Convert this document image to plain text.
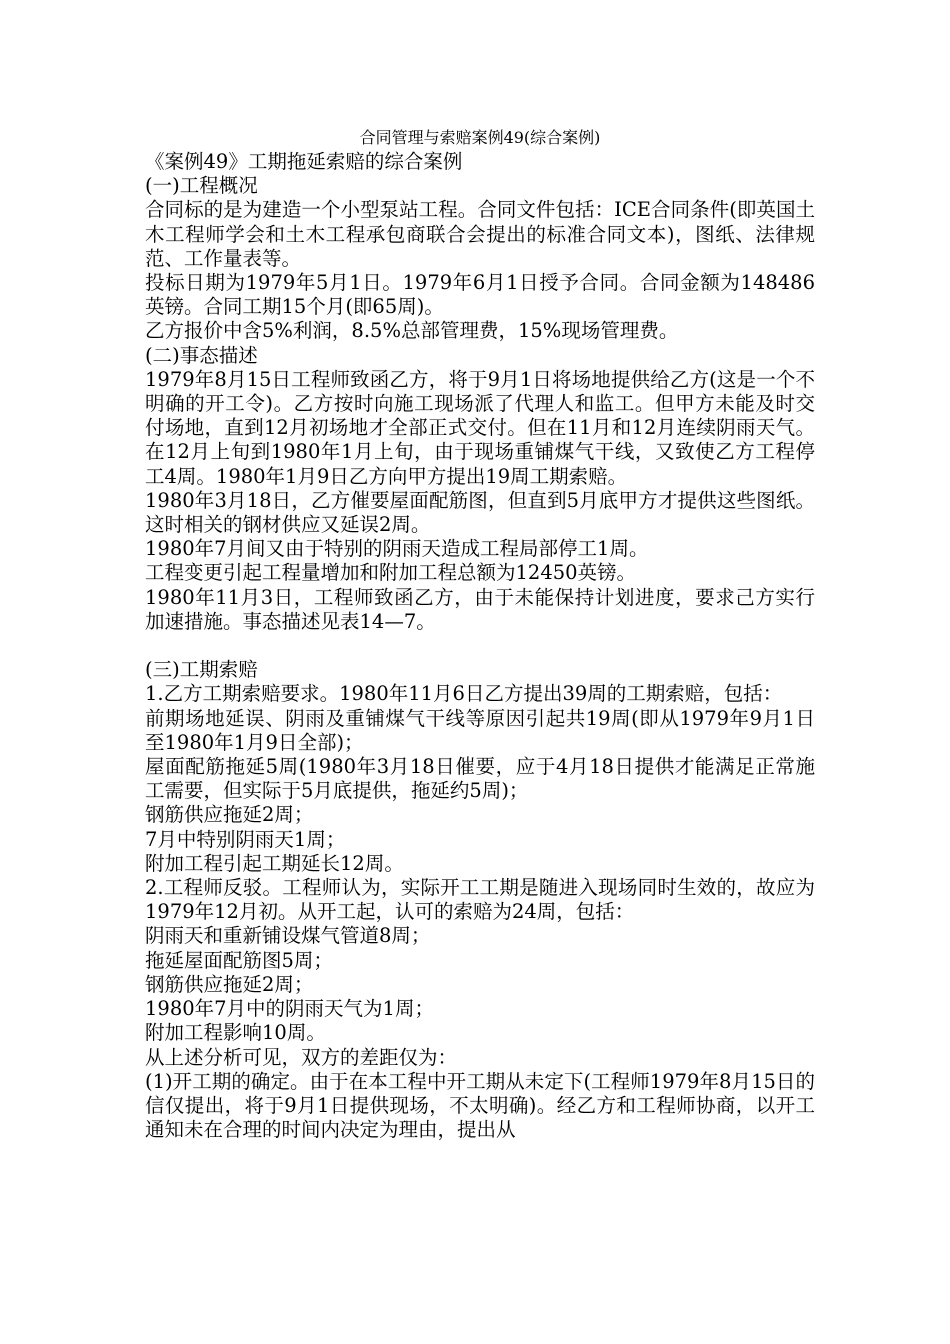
合同管理与索赔案例49(综合案例)

《案例49》工期拖延索赔的综合案例

(一)工程概况

合同标的是为建造一个小型泵站工程。合同文件包括：ICE合同条件(即英国土木工程师学会和土木工程承包商联合会提出的标准合同文本)，图纸、法律规范、工作量表等。

投标日期为1979年5月1日。1979年6月1日授予合同。合同金额为148486英镑。合同工期15个月(即65周)。

乙方报价中含5%利润，8.5%总部管理费，15%现场管理费。

(二)事态描述

1979年8月15日工程师致函乙方，将于9月1日将场地提供给乙方(这是一个不明确的开工令)。乙方按时向施工现场派了代理人和监工。但甲方未能及时交付场地，直到12月初场地才全部正式交付。但在11月和12月连续阴雨天气。在12月上旬到1980年1月上旬，由于现场重铺煤气干线，又致使乙方工程停 工4周。1980年1月9日乙方向甲方提出19周工期索赔。

1980年3月18日，乙方催要屋面配筋图，但直到5月底甲方才提供这些图纸。这时相关的钢材供应又延误2周。

1980年7月间又由于特别的阴雨天造成工程局部停工1周。

工程变更引起工程量增加和附加工程总额为12450英镑。

1980年11月3日，工程师致函乙方，由于未能保持计划进度，要求己方实行加速措施。事态描述见表14—7。

(三)工期索赔

1.乙方工期索赔要求。1980年11月6日乙方提出39周的工期索赔，包括：

前期场地延误、阴雨及重铺煤气干线等原因引起共19周(即从1979年9月1日至1980年1月9日全部)；

屋面配筋拖延5周(1980年3月18日催要，应于4月18日提供才能满足正常施工需要，但实际于5月底提供，拖延约5周)；

钢筋供应拖延2周；

7月中特别阴雨天1周；

附加工程引起工期延长12周。

2.工程师反驳。工程师认为，实际开工工期是随进入现场同时生效的，故应为1979年12月初。从开工起，认可的索赔为24周，包括：

阴雨天和重新铺设煤气管道8周；

拖延屋面配筋图5周；

钢筋供应拖延2周；

1980年7月中的阴雨天气为1周；

附加工程影响10周。

从上述分析可见，双方的差距仅为：

(1)开工期的确定。由于在本工程中开工期从未定下(工程师1979年8月15日的信仅提出，将于9月1日提供现场，不太明确)。经乙方和工程师协商，以开工通知未在合理的时间内决定为理由，提出从
